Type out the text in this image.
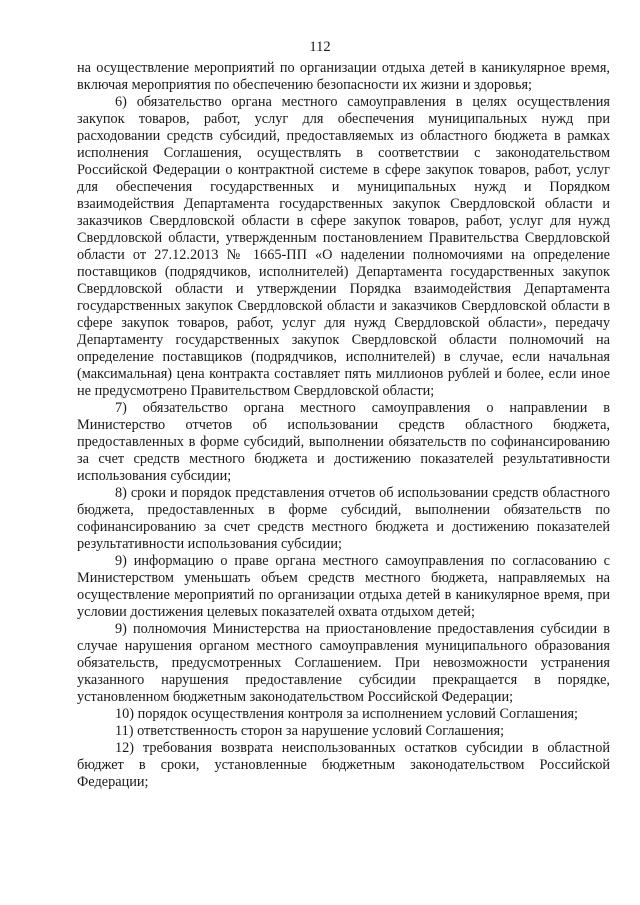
112

на осуществление мероприятий по организации отдыха детей в каникулярное время, включая мероприятия по обеспечению безопасности их жизни и здоровья;

6) обязательство органа местного самоуправления в целях осуществления закупок товаров, работ, услуг для обеспечения муниципальных нужд при расходовании средств субсидий, предоставляемых из областного бюджета в рамках исполнения Соглашения, осуществлять в соответствии с законодательством Российской Федерации о контрактной системе в сфере закупок товаров, работ, услуг для обеспечения государственных и муниципальных нужд и Порядком взаимодействия Департамента государственных закупок Свердловской области и заказчиков Свердловской области в сфере закупок товаров, работ, услуг для нужд Свердловской области, утвержденным постановлением Правительства Свердловской области от 27.12.2013 № 1665-ПП «О наделении полномочиями на определение поставщиков (подрядчиков, исполнителей) Департамента государственных закупок Свердловской области и утверждении Порядка взаимодействия Департамента государственных закупок Свердловской области и заказчиков Свердловской области в сфере закупок товаров, работ, услуг для нужд Свердловской области», передачу Департаменту государственных закупок Свердловской области полномочий на определение поставщиков (подрядчиков, исполнителей) в случае, если начальная (максимальная) цена контракта составляет пять миллионов рублей и более, если иное не предусмотрено Правительством Свердловской области;

7) обязательство органа местного самоуправления о направлении в Министерство отчетов об использовании средств областного бюджета, предоставленных в форме субсидий, выполнении обязательств по софинансированию за счет средств местного бюджета и достижению показателей результативности использования субсидии;

8) сроки и порядок представления отчетов об использовании средств областного бюджета, предоставленных в форме субсидий, выполнении обязательств по софинансированию за счет средств местного бюджета и достижению показателей результативности использования субсидии;

9) информацию о праве органа местного самоуправления по согласованию с Министерством уменьшать объем средств местного бюджета, направляемых на осуществление мероприятий по организации отдыха детей в каникулярное время, при условии достижения целевых показателей охвата отдыхом детей;

9) полномочия Министерства на приостановление предоставления субсидии в случае нарушения органом местного самоуправления муниципального образования обязательств, предусмотренных Соглашением. При невозможности устранения указанного нарушения предоставление субсидии прекращается в порядке, установленном бюджетным законодательством Российской Федерации;

10) порядок осуществления контроля за исполнением условий Соглашения;

11) ответственность сторон за нарушение условий Соглашения;

12) требования возврата неиспользованных остатков субсидии в областной бюджет в сроки, установленные бюджетным законодательством Российской Федерации;
